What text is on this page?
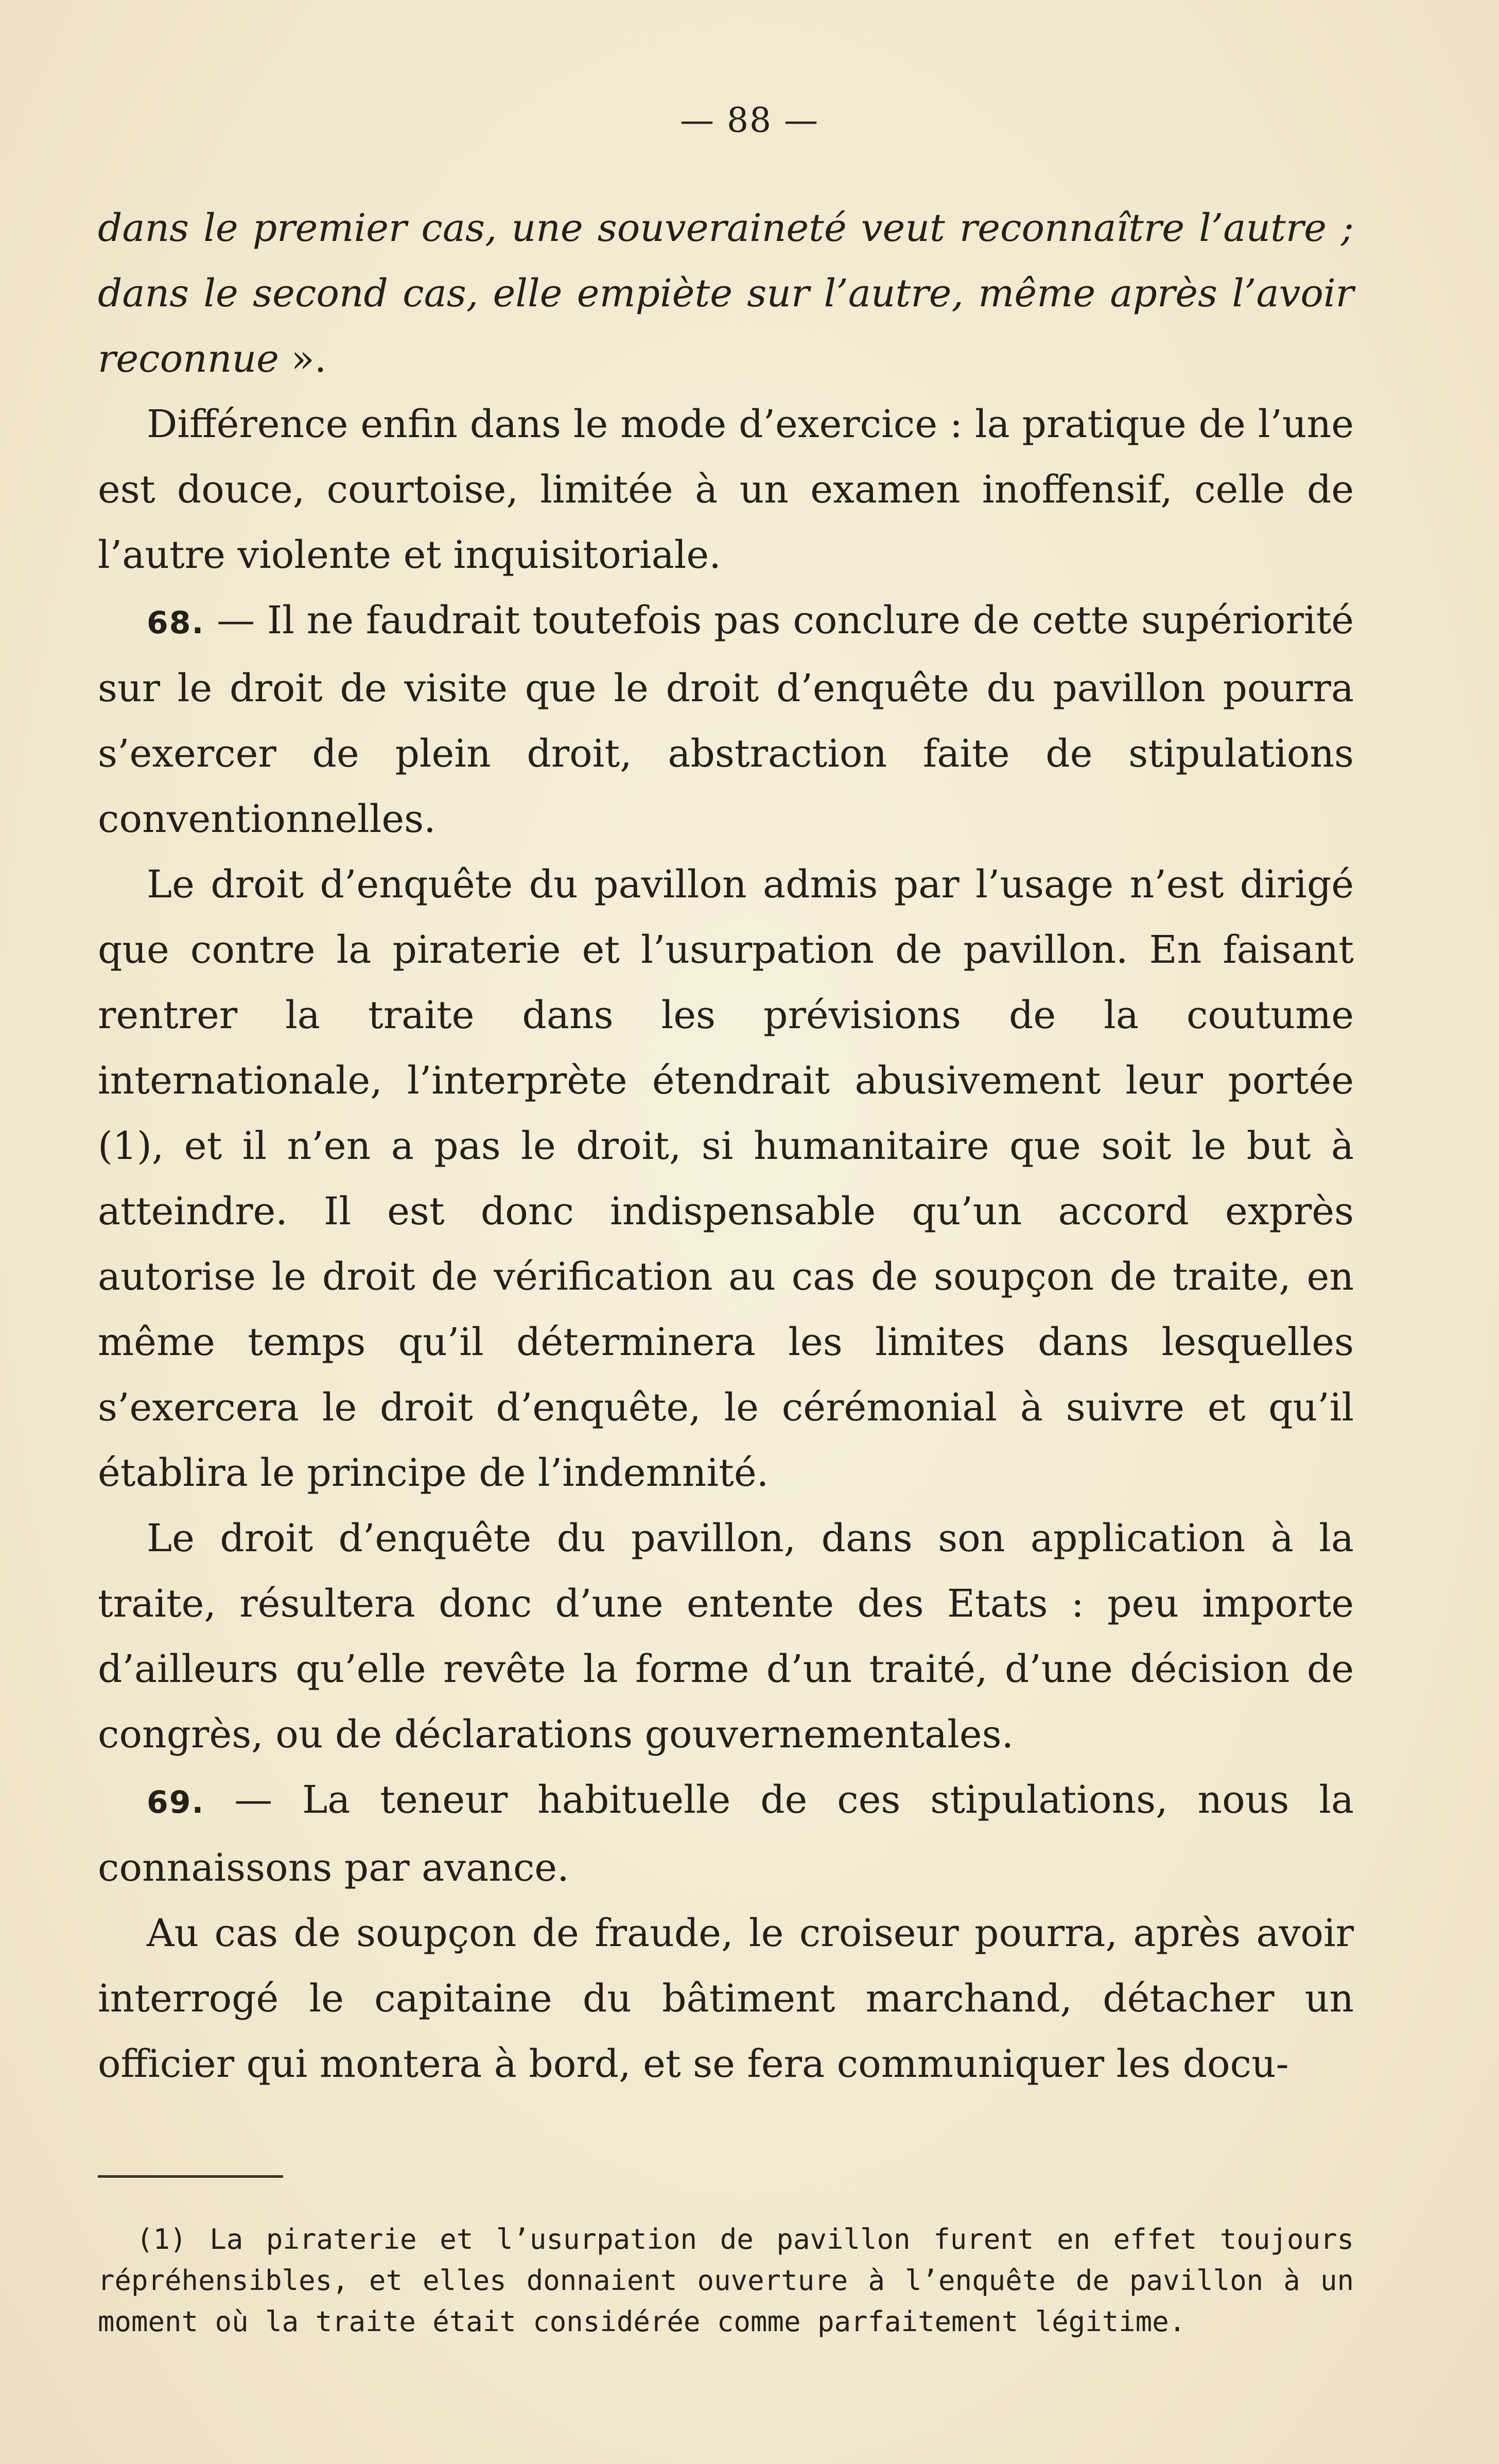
— 88 —

dans le premier cas, une souveraineté veut reconnaître l’autre ; dans le second cas, elle empiète sur l’autre, même après l’avoir reconnue ».

Différence enfin dans le mode d’exercice : la pratique de l’une est douce, courtoise, limitée à un examen inoffensif, celle de l’autre violente et inquisitoriale.

68. — Il ne faudrait toutefois pas conclure de cette supériorité sur le droit de visite que le droit d’enquête du pavillon pourra s’exercer de plein droit, abstraction faite de stipulations conventionnelles.

Le droit d’enquête du pavillon admis par l’usage n’est dirigé que contre la piraterie et l’usurpation de pavillon. En faisant rentrer la traite dans les prévisions de la coutume internationale, l’interprète étendrait abusivement leur portée (1), et il n’en a pas le droit, si humanitaire que soit le but à atteindre. Il est donc indispensable qu’un accord exprès autorise le droit de vérification au cas de soupçon de traite, en même temps qu’il déterminera les limites dans lesquelles s’exercera le droit d’enquête, le cérémonial à suivre et qu’il établira le principe de l’indemnité.

Le droit d’enquête du pavillon, dans son application à la traite, résultera donc d’une entente des Etats : peu importe d’ailleurs qu’elle revête la forme d’un traité, d’une décision de congrès, ou de déclarations gouvernementales.

69. — La teneur habituelle de ces stipulations, nous la connaissons par avance.

Au cas de soupçon de fraude, le croiseur pourra, après avoir interrogé le capitaine du bâtiment marchand, détacher un officier qui montera à bord, et se fera communiquer les docu-

(1) La piraterie et l’usurpation de pavillon furent en effet toujours répréhensibles, et elles donnaient ouverture à l’enquête de pavillon à un moment où la traite était considérée comme parfaitement légitime.
